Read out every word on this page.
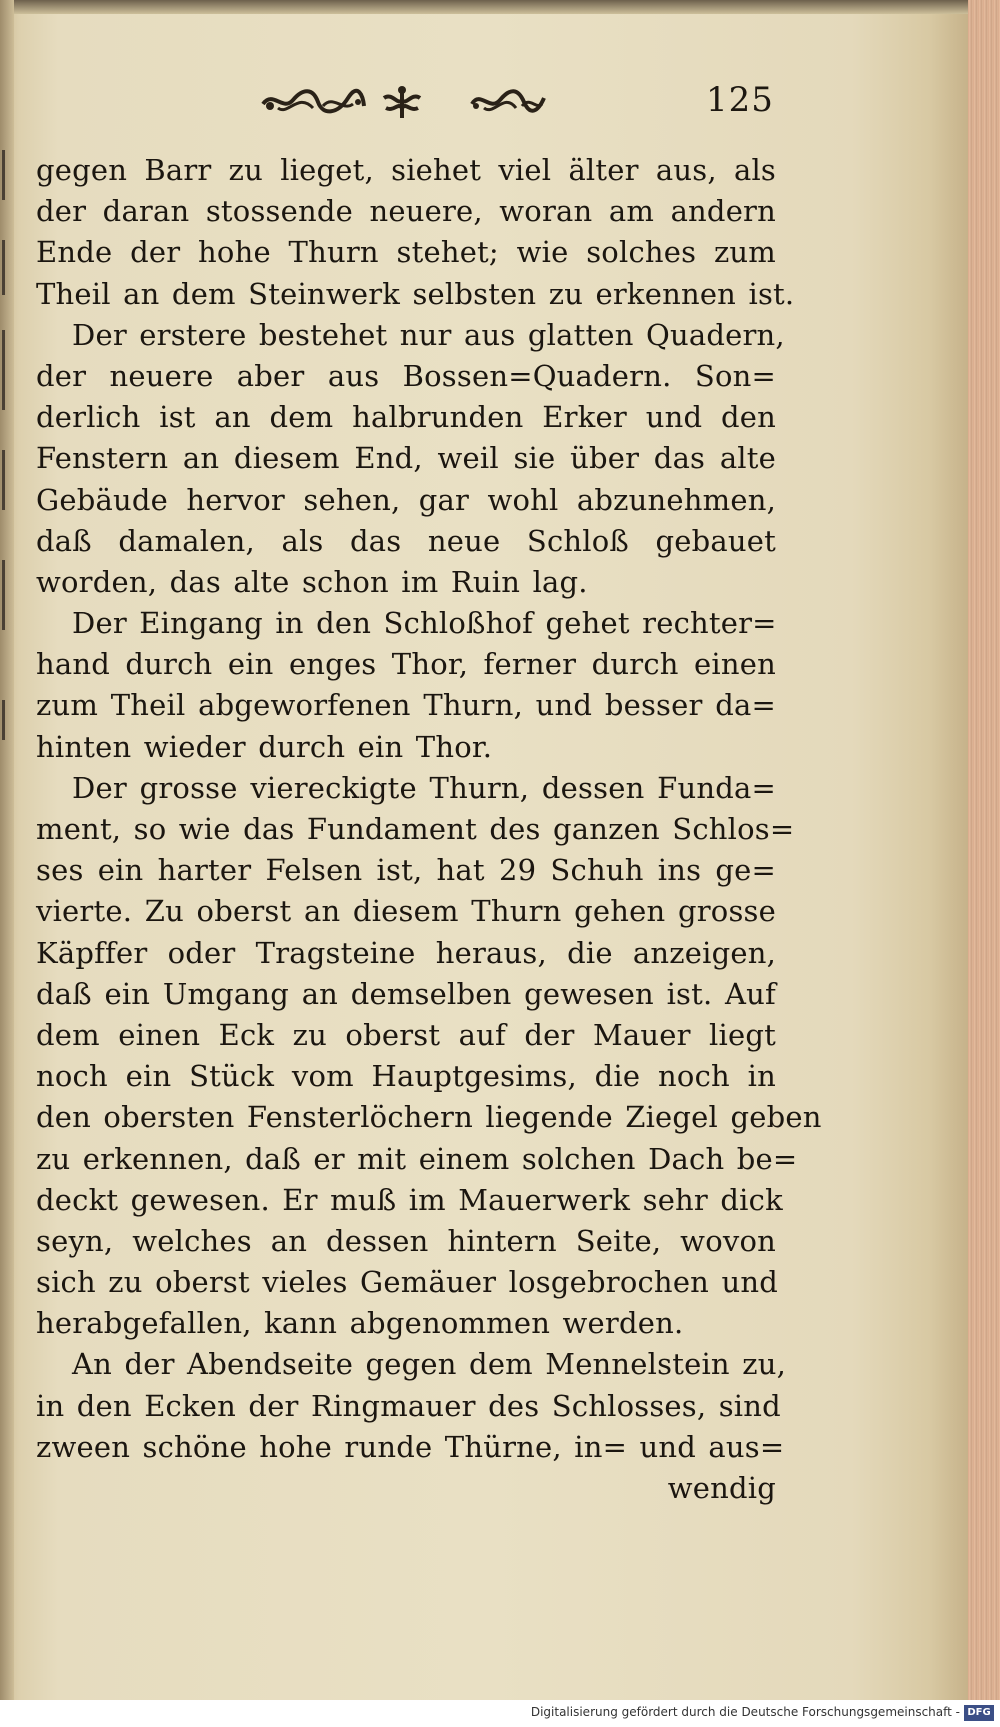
125
gegen Barr zu lieget, siehet viel älter aus, als
der daran stossende neuere, woran am andern
Ende der hohe Thurn stehet; wie solches zum
Theil an dem Steinwerk selbsten zu erkennen ist.
Der erstere bestehet nur aus glatten Quadern,
der neuere aber aus Bossen=Quadern. Son=
derlich ist an dem halbrunden Erker und den
Fenstern an diesem End, weil sie über das alte
Gebäude hervor sehen, gar wohl abzunehmen,
daß damalen, als das neue Schloß gebauet
worden, das alte schon im Ruin lag.
Der Eingang in den Schloßhof gehet rechter=
hand durch ein enges Thor, ferner durch einen
zum Theil abgeworfenen Thurn, und besser da=
hinten wieder durch ein Thor.
Der grosse viereckigte Thurn, dessen Funda=
ment, so wie das Fundament des ganzen Schlos=
ses ein harter Felsen ist, hat 29 Schuh ins ge=
vierte. Zu oberst an diesem Thurn gehen grosse
Käpffer oder Tragsteine heraus, die anzeigen,
daß ein Umgang an demselben gewesen ist. Auf
dem einen Eck zu oberst auf der Mauer liegt
noch ein Stück vom Hauptgesims, die noch in
den obersten Fensterlöchern liegende Ziegel geben
zu erkennen, daß er mit einem solchen Dach be=
deckt gewesen. Er muß im Mauerwerk sehr dick
seyn, welches an dessen hintern Seite, wovon
sich zu oberst vieles Gemäuer losgebrochen und
herabgefallen, kann abgenommen werden.
An der Abendseite gegen dem Mennelstein zu,
in den Ecken der Ringmauer des Schlosses, sind
zween schöne hohe runde Thürne, in= und aus=
wendig
Digitalisierung gefördert durch die Deutsche Forschungsgemeinschaft - DFG
